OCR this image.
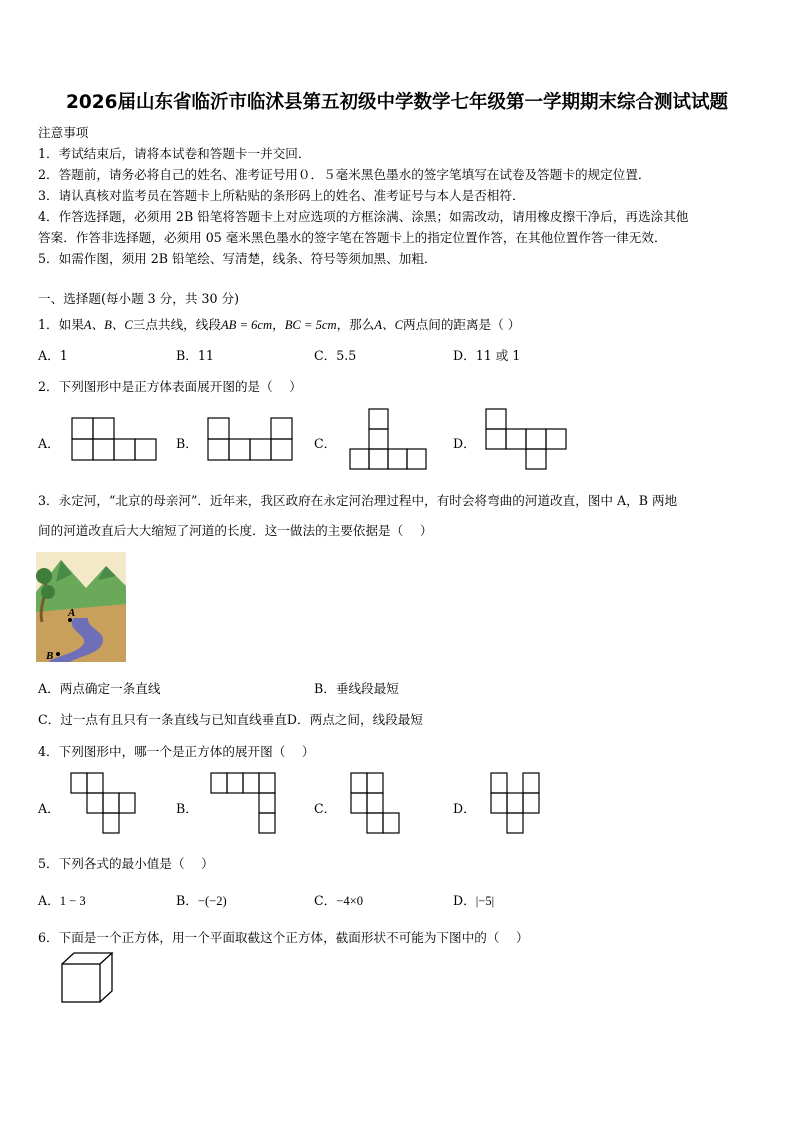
2026届山东省临沂市临沭县第五初级中学数学七年级第一学期期末综合测试试题
注意事项
1．考试结束后，请将本试卷和答题卡一并交回．
2．答题前，请务必将自己的姓名、准考证号用０．５毫米黑色墨水的签字笔填写在试卷及答题卡的规定位置．
3．请认真核对监考员在答题卡上所粘贴的条形码上的姓名、准考证号与本人是否相符．
4．作答选择题，必须用 2B 铅笔将答题卡上对应选项的方框涂满、涂黑；如需改动，请用橡皮擦干净后，再选涂其他
答案．作答非选择题，必须用 05 毫米黑色墨水的签字笔在答题卡上的指定位置作答，在其他位置作答一律无效．
5．如需作图，须用 2B 铅笔绘、写清楚，线条、符号等须加黑、加粗．
一、选择题(每小题 3 分，共 30 分)
1．如果A、B、C三点共线，线段AB = 6cm，BC = 5cm，那么A、C两点间的距离是（ ）
A．1	B．11	C．5.5	D．11 或 1
2．下列图形中是正方体表面展开图的是（　 ）
A．	B．	C．	D．
3．永定河，“北京的母亲河”．近年来，我区政府在永定河治理过程中，有时会将弯曲的河道改直，图中 A，B 两地
间的河道改直后大大缩短了河道的长度．这一做法的主要依据是（　 ）
A
B
A．两点确定一条直线	B．垂线段最短
C．过一点有且只有一条直线与已知直线垂直D．两点之间，线段最短
4．下列图形中，哪一个是正方体的展开图（　 ）
A．	B．	C．	D．
5．下列各式的最小值是（　 ）
A．1 − 3	B．−(−2)	C．−4×0	D．|−5|
6．下面是一个正方体，用一个平面取截这个正方体，截面形状不可能为下图中的（　 ）
